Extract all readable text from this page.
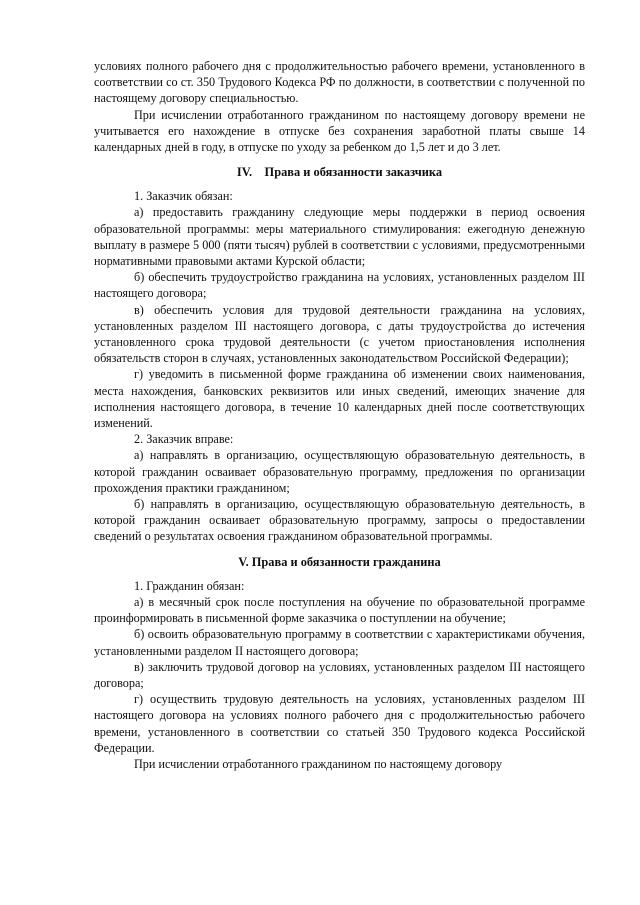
условиях полного рабочего дня с продолжительностью рабочего времени, установленного в соответствии со ст. 350 Трудового Кодекса РФ по должности, в соответствии с полученной по настоящему договору специальностью.

При исчислении отработанного гражданином по настоящему договору времени не учитывается его нахождение в отпуске без сохранения заработной платы свыше 14 календарных дней в году, в отпуске по уходу за ребенком до 1,5 лет и до 3 лет.

IV.    Права и обязанности заказчика

1. Заказчик обязан:

а) предоставить гражданину следующие меры поддержки в период освоения образовательной программы: меры материального стимулирования: ежегодную денежную выплату в размере 5 000 (пяти тысяч) рублей в соответствии с условиями, предусмотренными нормативными правовыми актами Курской области;

б) обеспечить трудоустройство гражданина на условиях, установленных разделом III настоящего договора;

в) обеспечить условия для трудовой деятельности гражданина на условиях, установленных разделом III настоящего договора, с даты трудоустройства до истечения установленного срока трудовой деятельности (с учетом приостановления исполнения обязательств сторон в случаях, установленных законодательством Российской Федерации);

г) уведомить в письменной форме гражданина об изменении своих наименования, места нахождения, банковских реквизитов или иных сведений, имеющих значение для исполнения настоящего договора, в течение 10 календарных дней после соответствующих изменений.

2. Заказчик вправе:

а) направлять в организацию, осуществляющую образовательную деятельность, в которой гражданин осваивает образовательную программу, предложения по организации прохождения практики гражданином;

б) направлять в организацию, осуществляющую образовательную деятельность, в которой гражданин осваивает образовательную программу, запросы о предоставлении сведений о результатах освоения гражданином образовательной программы.

V. Права и обязанности гражданина

1. Гражданин обязан:

а) в месячный срок после поступления на обучение по образовательной программе проинформировать в письменной форме заказчика о поступлении на обучение;

б) освоить образовательную программу в соответствии с характеристиками обучения, установленными разделом II настоящего договора;

в) заключить трудовой договор на условиях, установленных разделом III настоящего договора;

г) осуществить трудовую деятельность на условиях, установленных разделом III настоящего договора на условиях полного рабочего дня с продолжительностью рабочего времени, установленного в соответствии со статьей 350 Трудового кодекса Российской Федерации.

При исчислении отработанного гражданином по настоящему договору
